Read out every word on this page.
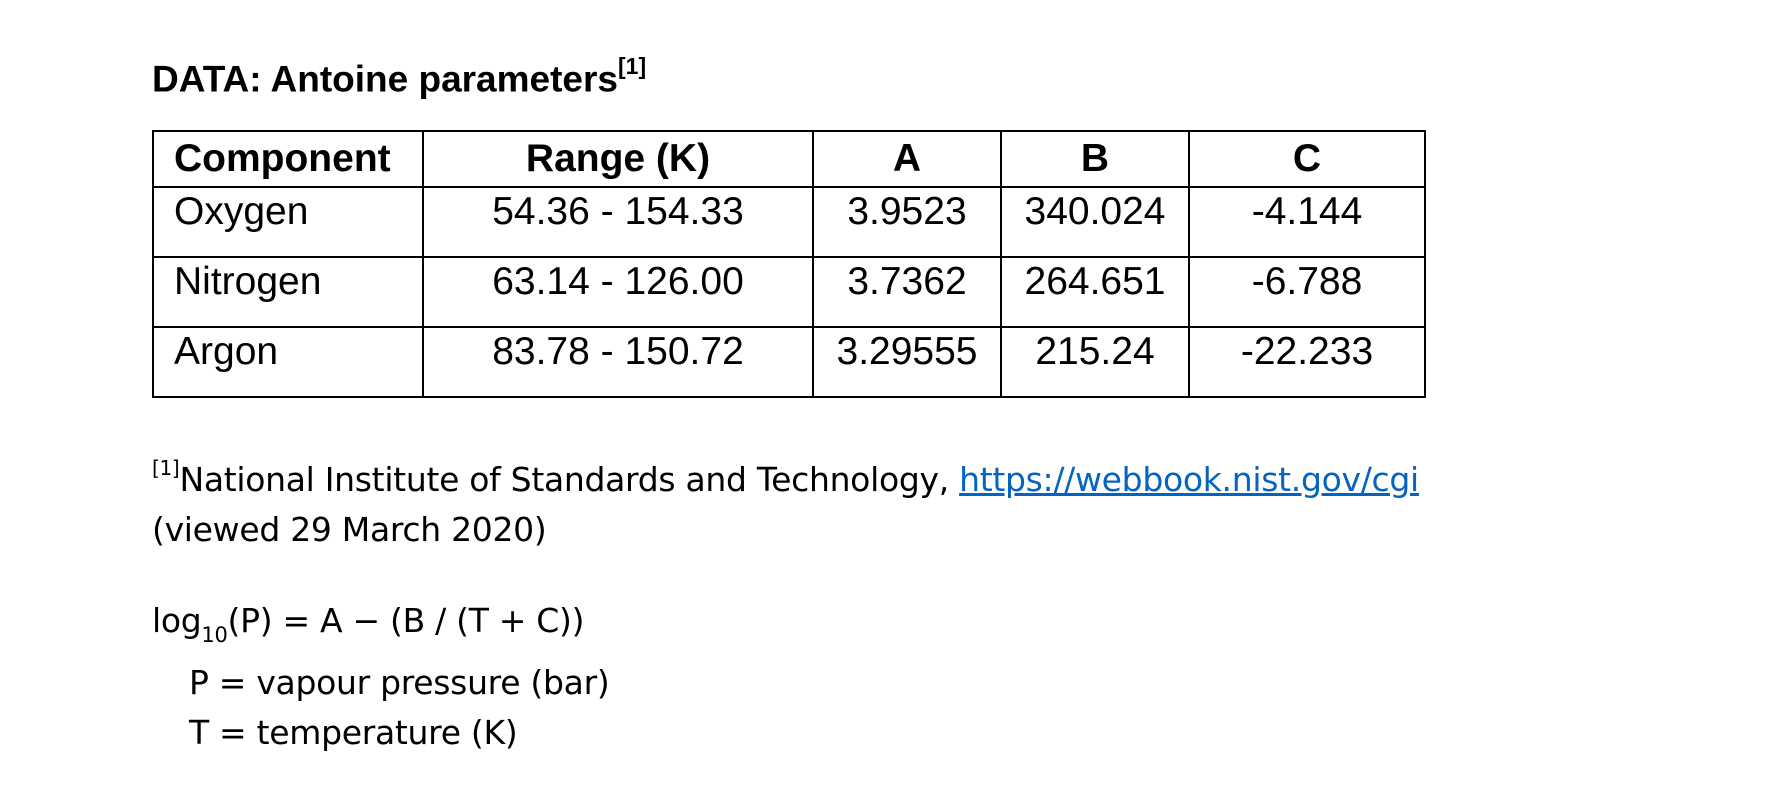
DATA: Antoine parameters[1]
Component	Range (K)	A	B	C
Oxygen	54.36 - 154.33	3.9523	340.024	-4.144
Nitrogen	63.14 - 126.00	3.7362	264.651	-6.788
Argon	83.78 - 150.72	3.29555	215.24	-22.233
[1]National Institute of Standards and Technology, https://webbook.nist.gov/cgi
(viewed 29 March 2020)
$\log_{10}(P) = A - (B / (T + C))$
P = vapour pressure (bar)
T = temperature (K)
